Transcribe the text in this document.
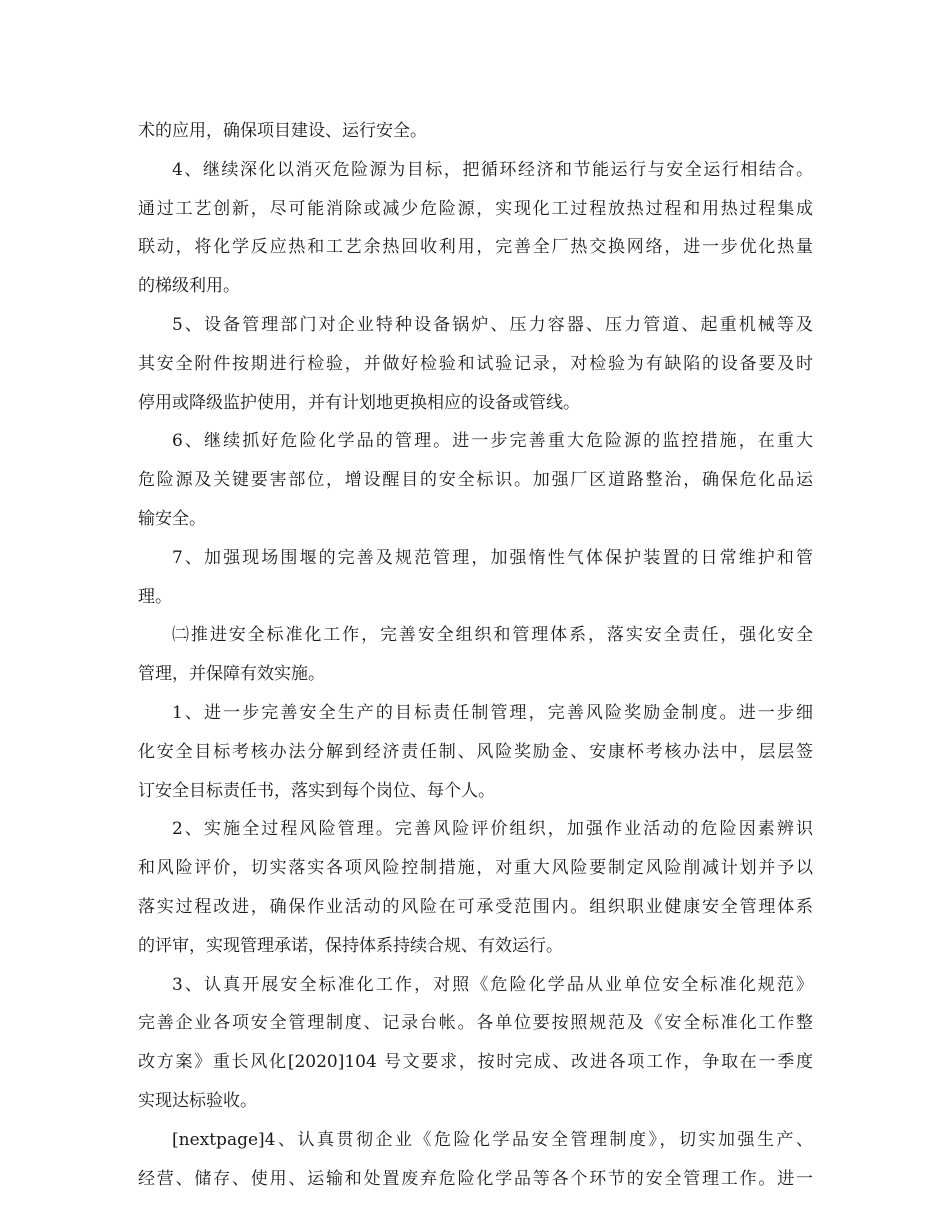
术的应用，确保项目建设、运行安全。
4、继续深化以消灭危险源为目标，把循环经济和节能运行与安全运行相结合。
通过工艺创新，尽可能消除或减少危险源，实现化工过程放热过程和用热过程集成
联动，将化学反应热和工艺余热回收利用，完善全厂热交换网络，进一步优化热量
的梯级利用。
5、设备管理部门对企业特种设备锅炉、压力容器、压力管道、起重机械等及
其安全附件按期进行检验，并做好检验和试验记录，对检验为有缺陷的设备要及时
停用或降级监护使用，并有计划地更换相应的设备或管线。
6、继续抓好危险化学品的管理。进一步完善重大危险源的监控措施，在重大
危险源及关键要害部位，增设醒目的安全标识。加强厂区道路整治，确保危化品运
输安全。
7、加强现场围堰的完善及规范管理，加强惰性气体保护装置的日常维护和管
理。
㈡推进安全标准化工作，完善安全组织和管理体系，落实安全责任，强化安全
管理，并保障有效实施。
1、进一步完善安全生产的目标责任制管理，完善风险奖励金制度。进一步细
化安全目标考核办法分解到经济责任制、风险奖励金、安康杯考核办法中，层层签
订安全目标责任书，落实到每个岗位、每个人。
2、实施全过程风险管理。完善风险评价组织，加强作业活动的危险因素辨识
和风险评价，切实落实各项风险控制措施，对重大风险要制定风险削减计划并予以
落实过程改进，确保作业活动的风险在可承受范围内。组织职业健康安全管理体系
的评审，实现管理承诺，保持体系持续合规、有效运行。
3、认真开展安全标准化工作，对照《危险化学品从业单位安全标准化规范》
完善企业各项安全管理制度、记录台帐。各单位要按照规范及《安全标准化工作整
改方案》重长风化[2020]104 号文要求，按时完成、改进各项工作，争取在一季度
实现达标验收。
[nextpage]4、认真贯彻企业《危险化学品安全管理制度》，切实加强生产、
经营、储存、使用、运输和处置废弃危险化学品等各个环节的安全管理工作。进一
